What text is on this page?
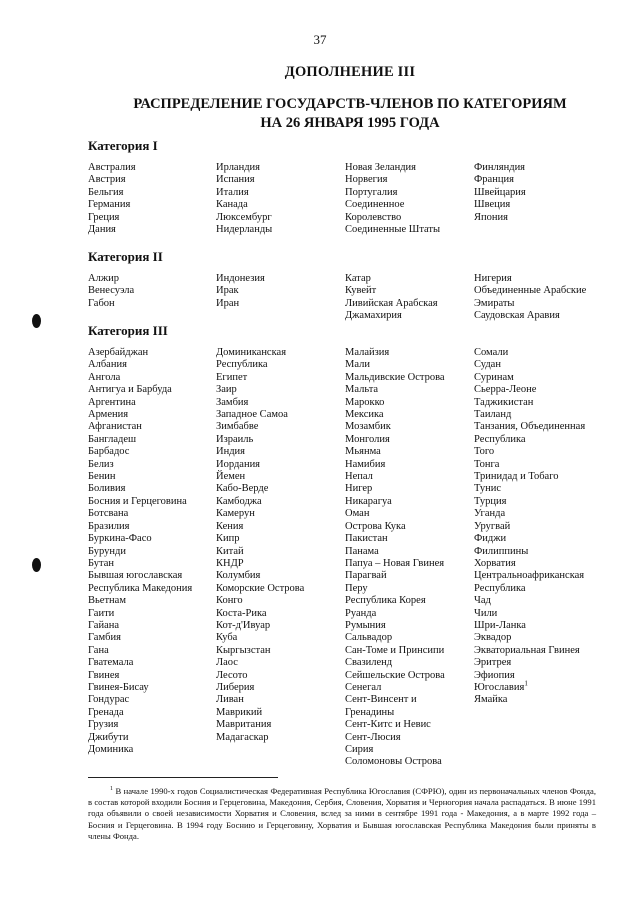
37
ДОПОЛНЕНИЕ III
РАСПРЕДЕЛЕНИЕ ГОСУДАРСТВ-ЧЛЕНОВ ПО КАТЕГОРИЯМ
НА 26 ЯНВАРЯ 1995 ГОДА
Категория I
Австралия
Австрия
Бельгия
Германия
Греция
Дания
Ирландия
Испания
Италия
Канада
Люксембург
Нидерланды
Новая Зеландия
Норвегия
Португалия
Соединенное
Королевство
Соединенные Штаты
Финляндия
Франция
Швейцария
Швеция
Япония
Категория II
Алжир
Венесуэла
Габон
Индонезия
Ирак
Иран
Катар
Кувейт
Ливийская Арабская
Джамахирия
Нигерия
Объединенные Арабские
Эмираты
Саудовская Аравия
Категория III
Азербайджан
Албания
Ангола
Антигуа и Барбуда
Аргентина
Армения
Афганистан
Бангладеш
Барбадос
Белиз
Бенин
Боливия
Босния и Герцеговина
Ботсвана
Бразилия
Буркина-Фасо
Бурунди
Бутан
Бывшая югославская
Республика Македония
Вьетнам
Гаити
Гайана
Гамбия
Гана
Гватемала
Гвинея
Гвинея-Бисау
Гондурас
Гренада
Грузия
Джибути
Доминика
Доминиканская
Республика
Египет
Заир
Замбия
Западное Самоа
Зимбабве
Израиль
Индия
Иордания
Йемен
Кабо-Верде
Камбоджа
Камерун
Кения
Кипр
Китай
КНДР
Колумбия
Коморские Острова
Конго
Коста-Рика
Кот-д'Ивуар
Куба
Кыргызстан
Лаос
Лесото
Либерия
Ливан
Маврикий
Мавритания
Мадагаскар
Малайзия
Мали
Мальдивские Острова
Мальта
Марокко
Мексика
Мозамбик
Монголия
Мьянма
Намибия
Непал
Нигер
Никарагуа
Оман
Острова Кука
Пакистан
Панама
Папуа – Новая Гвинея
Парагвай
Перу
Республика Корея
Руанда
Румыния
Сальвадор
Сан-Томе и Принсипи
Свазиленд
Сейшельские Острова
Сенегал
Сент-Винсент и
Гренадины
Сент-Китс и Невис
Сент-Люсия
Сирия
Соломоновы Острова
Сомали
Судан
Суринам
Сьерра-Леоне
Таджикистан
Таиланд
Танзания, Объединенная
Республика
Того
Тонга
Тринидад и Тобаго
Тунис
Турция
Уганда
Уругвай
Фиджи
Филиппины
Хорватия
Центральноафриканская
Республика
Чад
Чили
Шри-Ланка
Эквадор
Экваториальная Гвинея
Эритрея
Эфиопия
Югославия$^1$
Ямайка
$^1$ В начале 1990-х годов Социалистическая Федеративная Республика Югославия (СФРЮ), один из первоначальных членов Фонда, в состав которой входили Босния и Герцеговина, Македония, Сербия, Словения, Хорватия и Черногория начала распадаться. В июне 1991 года объявили о своей независимости Хорватия и Словения, вслед за ними в сентябре 1991 года - Македония, а в марте 1992 года – Босния и Герцеговина. В 1994 году Боснию и Герцеговину, Хорватия и Бывшая югославская Республика Македония были приняты в члены Фонда.
